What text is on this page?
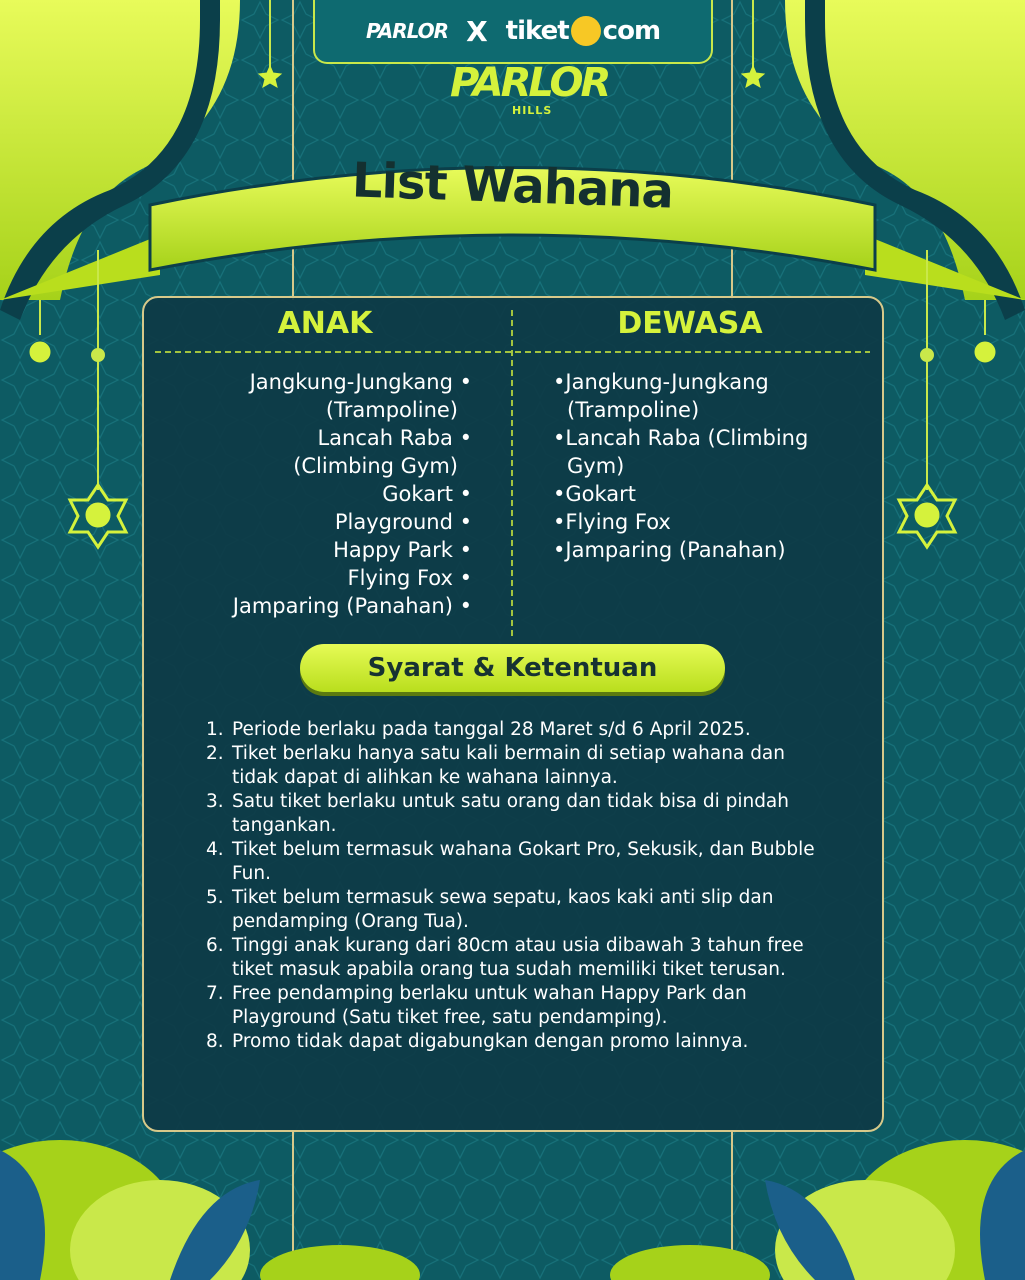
PARLOR X tiket com
PARLOR
HILLS
List Wahana
ANAK	DEWASA
Jangkung-Jungkang •
(Trampoline)
Lancah Raba •
(Climbing Gym)
Gokart •
Playground •
Happy Park •
Flying Fox •
Jamparing (Panahan) •
• Jangkung-Jungkang (Trampoline)
• Lancah Raba (Climbing Gym)
• Gokart
• Flying Fox
• Jamparing (Panahan)
Syarat & Ketentuan
1. Periode berlaku pada tanggal 28 Maret s/d 6 April 2025.
2. Tiket berlaku hanya satu kali bermain di setiap wahana dan tidak dapat di alihkan ke wahana lainnya.
3. Satu tiket berlaku untuk satu orang dan tidak bisa di pindah tangankan.
4. Tiket belum termasuk wahana Gokart Pro, Sekusik, dan Bubble Fun.
5. Tiket belum termasuk sewa sepatu, kaos kaki anti slip dan pendamping (Orang Tua).
6. Tinggi anak kurang dari 80cm atau usia dibawah 3 tahun free tiket masuk apabila orang tua sudah memiliki tiket terusan.
7. Free pendamping berlaku untuk wahan Happy Park dan Playground (Satu tiket free, satu pendamping).
8. Promo tidak dapat digabungkan dengan promo lainnya.
